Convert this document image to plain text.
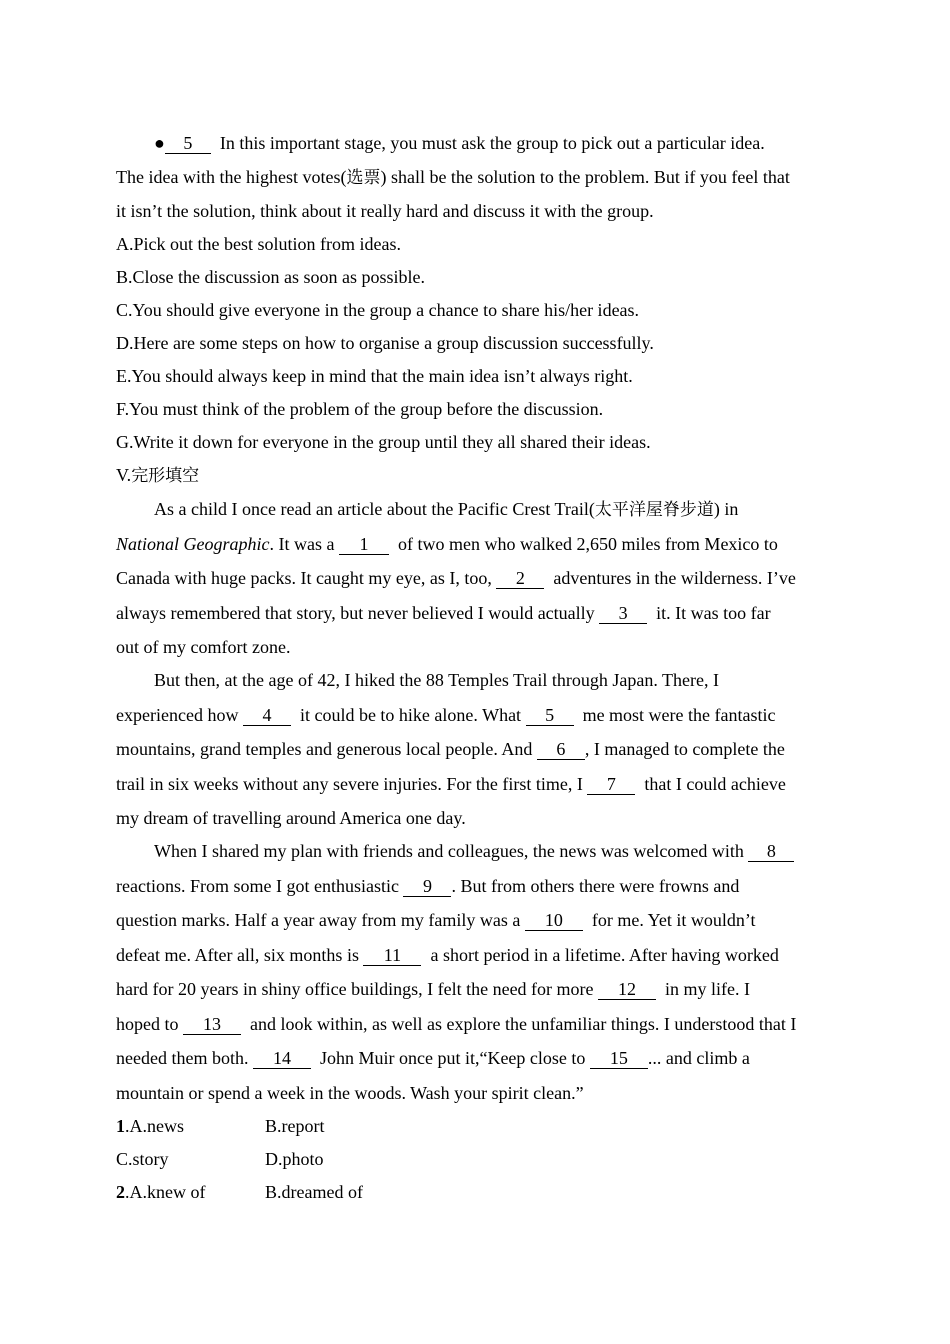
● 5 In this important stage, you must ask the group to pick out a particular idea.
The idea with the highest votes(选票) shall be the solution to the problem. But if you feel that
it isn’t the solution, think about it really hard and discuss it with the group.
A.Pick out the best solution from ideas.
B.Close the discussion as soon as possible.
C.You should give everyone in the group a chance to share his/her ideas.
D.Here are some steps on how to organise a group discussion successfully.
E.You should always keep in mind that the main idea isn’t always right.
F.You must think of the problem of the group before the discussion.
G.Write it down for everyone in the group until they all shared their ideas.
V.完形填空
As a child I once read an article about the Pacific Crest Trail(太平洋屋脊步道) in
National Geographic. It was a 1 of two men who walked 2,650 miles from Mexico to
Canada with huge packs. It caught my eye, as I, too, 2 adventures in the wilderness. I’ve
always remembered that story, but never believed I would actually 3 it. It was too far
out of my comfort zone.
But then, at the age of 42, I hiked the 88 Temples Trail through Japan. There, I
experienced how 4 it could be to hike alone. What 5 me most were the fantastic
mountains, grand temples and generous local people. And 6 , I managed to complete the
trail in six weeks without any severe injuries. For the first time, I 7 that I could achieve
my dream of travelling around America one day.
When I shared my plan with friends and colleagues, the news was welcomed with 8
reactions. From some I got enthusiastic 9 . But from others there were frowns and
question marks. Half a year away from my family was a 10 for me. Yet it wouldn’t
defeat me. After all, six months is 11 a short period in a lifetime. After having worked
hard for 20 years in shiny office buildings, I felt the need for more 12 in my life. I
hoped to 13 and look within, as well as explore the unfamiliar things. I understood that I
needed them both. 14 John Muir once put it,“Keep close to 15 ... and climb a
mountain or spend a week in the woods. Wash your spirit clean.”
1.A.news	B.report
C.story	D.photo
2.A.knew of	B.dreamed of
